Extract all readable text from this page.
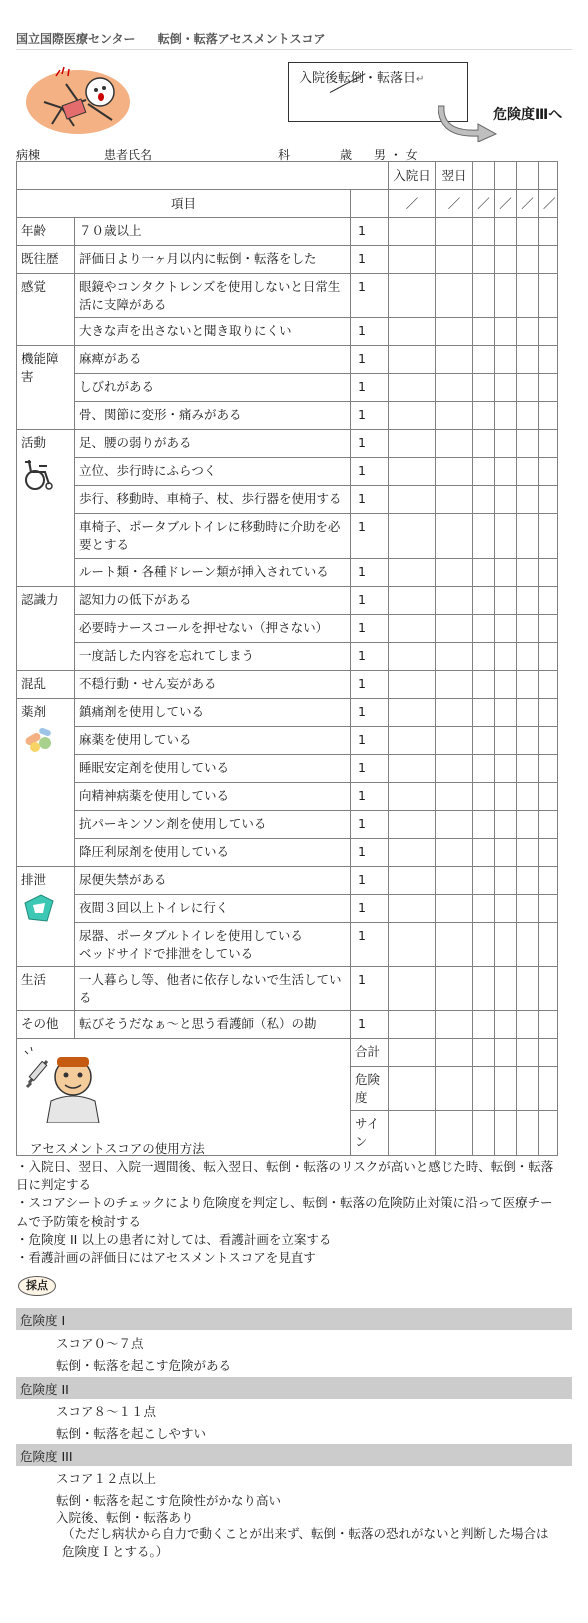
国立国際医療センター 転倒・転落アセスメントスコア
入院後転倒・転落日↵
危険度Ⅲへ
病棟	患者氏名	科	歳 男 ・ 女
			入院日	翌日				
項目			／	／	／	／	／	／
年齢	７０歳以上	1						
既往歴	評価日より一ヶ月以内に転倒・転落をした	1						
感覚	眼鏡やコンタクトレンズを使用しないと日常生活に支障がある	1						
	大きな声を出さないと聞き取りにくい	1						
機能障害	麻痺がある	1						
	しびれがある	1						
	骨、関節に変形・痛みがある	1						
活動	足、腰の弱りがある	1						
	立位、歩行時にふらつく	1						
	歩行、移動時、車椅子、杖、歩行器を使用する	1						
	車椅子、ポータブルトイレに移動時に介助を必要とする	1						
	ルート類・各種ドレーン類が挿入されている	1						
認識力	認知力の低下がある	1						
	必要時ナースコールを押せない（押さない）	1						
	一度話した内容を忘れてしまう	1						
混乱	不穏行動・せん妄がある	1						
薬剤	鎮痛剤を使用している	1						
	麻薬を使用している	1						
	睡眠安定剤を使用している	1						
	向精神病薬を使用している	1						
	抗パーキンソン剤を使用している	1						
	降圧利尿剤を使用している	1						
排泄	尿便失禁がある	1						
	夜間３回以上トイレに行く	1						
	尿器、ポータブルトイレを使用している
ベッドサイドで排泄をしている	1						
生活	一人暮らし等、他者に依存しないで生活している	1						
その他	転びそうだなぁ～と思う看護師（私）の勘	1						
	合計						
		危険度						
		サイン						
アセスメントスコアの使用方法
・入院日、翌日、入院一週間後、転入翌日、転倒・転落のリスクが高いと感じた時、転倒・転落日に判定する
・スコアシートのチェックにより危険度を判定し、転倒・転落の危険防止対策に沿って医療チームで予防策を検討する
・危険度 II 以上の患者に対しては、看護計画を立案する
・看護計画の評価日にはアセスメントスコアを見直す
採点
危険度 I
スコア０～７点
転倒・転落を起こす危険がある
危険度 II
スコア８～１１点
転倒・転落を起こしやすい
危険度 III
スコア１２点以上
転倒・転落を起こす危険性がかなり高い
入院後、転倒・転落あり
（ただし病状から自力で動くことが出来ず、転倒・転落の恐れがないと判断した場合は
危険度Ｉとする。）
